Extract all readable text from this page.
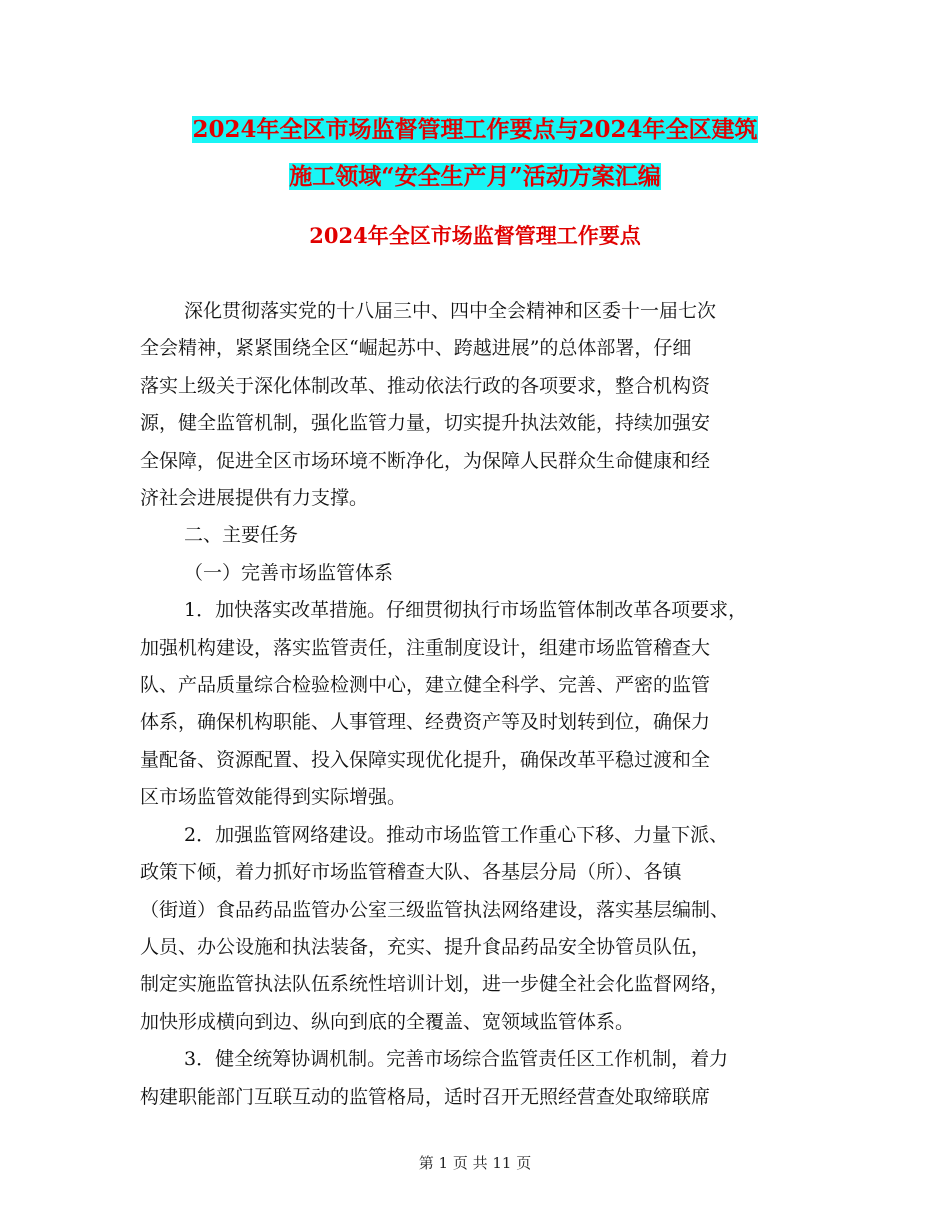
2024年全区市场监督管理工作要点与2024年全区建筑
施工领域“安全生产月”活动方案汇编
2024年全区市场监督管理工作要点

深化贯彻落实党的十八届三中、四中全会精神和区委十一届七次

全会精神，紧紧围绕全区“崛起苏中、跨越进展”的总体部署，仔细

落实上级关于深化体制改革、推动依法行政的各项要求，整合机构资

源，健全监管机制，强化监管力量，切实提升执法效能，持续加强安

全保障，促进全区市场环境不断净化，为保障人民群众生命健康和经

济社会进展提供有力支撑。

二、主要任务

（一）完善市场监管体系

1．加快落实改革措施。仔细贯彻执行市场监管体制改革各项要求，

加强机构建设，落实监管责任，注重制度设计，组建市场监管稽查大

队、产品质量综合检验检测中心，建立健全科学、完善、严密的监管

体系，确保机构职能、人事管理、经费资产等及时划转到位，确保力

量配备、资源配置、投入保障实现优化提升，确保改革平稳过渡和全

区市场监管效能得到实际增强。

2．加强监管网络建设。推动市场监管工作重心下移、力量下派、

政策下倾，着力抓好市场监管稽查大队、各基层分局（所）、各镇

（街道）食品药品监管办公室三级监管执法网络建设，落实基层编制、

人员、办公设施和执法装备，充实、提升食品药品安全协管员队伍，

制定实施监管执法队伍系统性培训计划，进一步健全社会化监督网络，

加快形成横向到边、纵向到底的全覆盖、宽领域监管体系。

3．健全统筹协调机制。完善市场综合监管责任区工作机制，着力

构建职能部门互联互动的监管格局，适时召开无照经营查处取缔联席

第 1 页 共 11 页
